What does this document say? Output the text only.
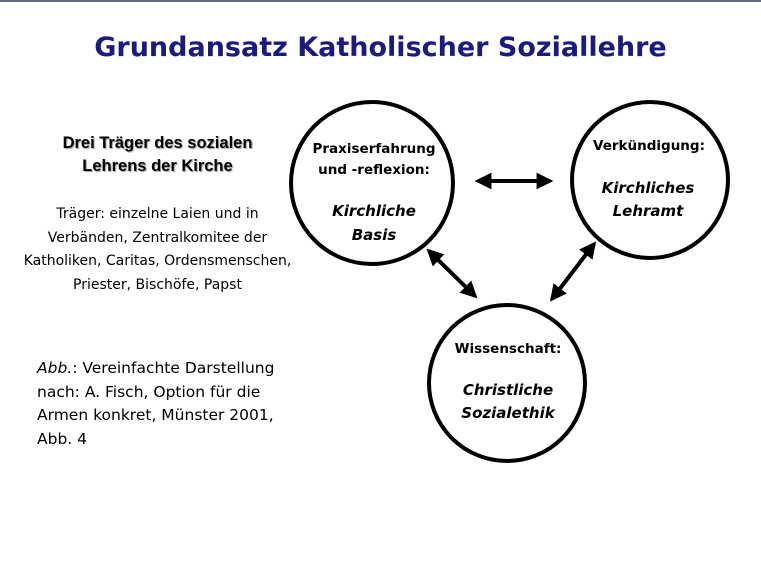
Grundansatz Katholischer Soziallehre
Drei Träger des sozialen
Lehrens der Kirche
Träger: einzelne Laien und in
Verbänden, Zentralkomitee der
Katholiken, Caritas, Ordensmenschen,
Priester, Bischöfe, Papst
Abb.: Vereinfachte Darstellung
nach: A. Fisch, Option für die
Armen konkret, Münster 2001,
Abb. 4
Praxiserfahrung
und -reflexion:
Kirchliche
Basis
Verkündigung:
Kirchliches
Lehramt
Wissenschaft:
Christliche
Sozialethik
